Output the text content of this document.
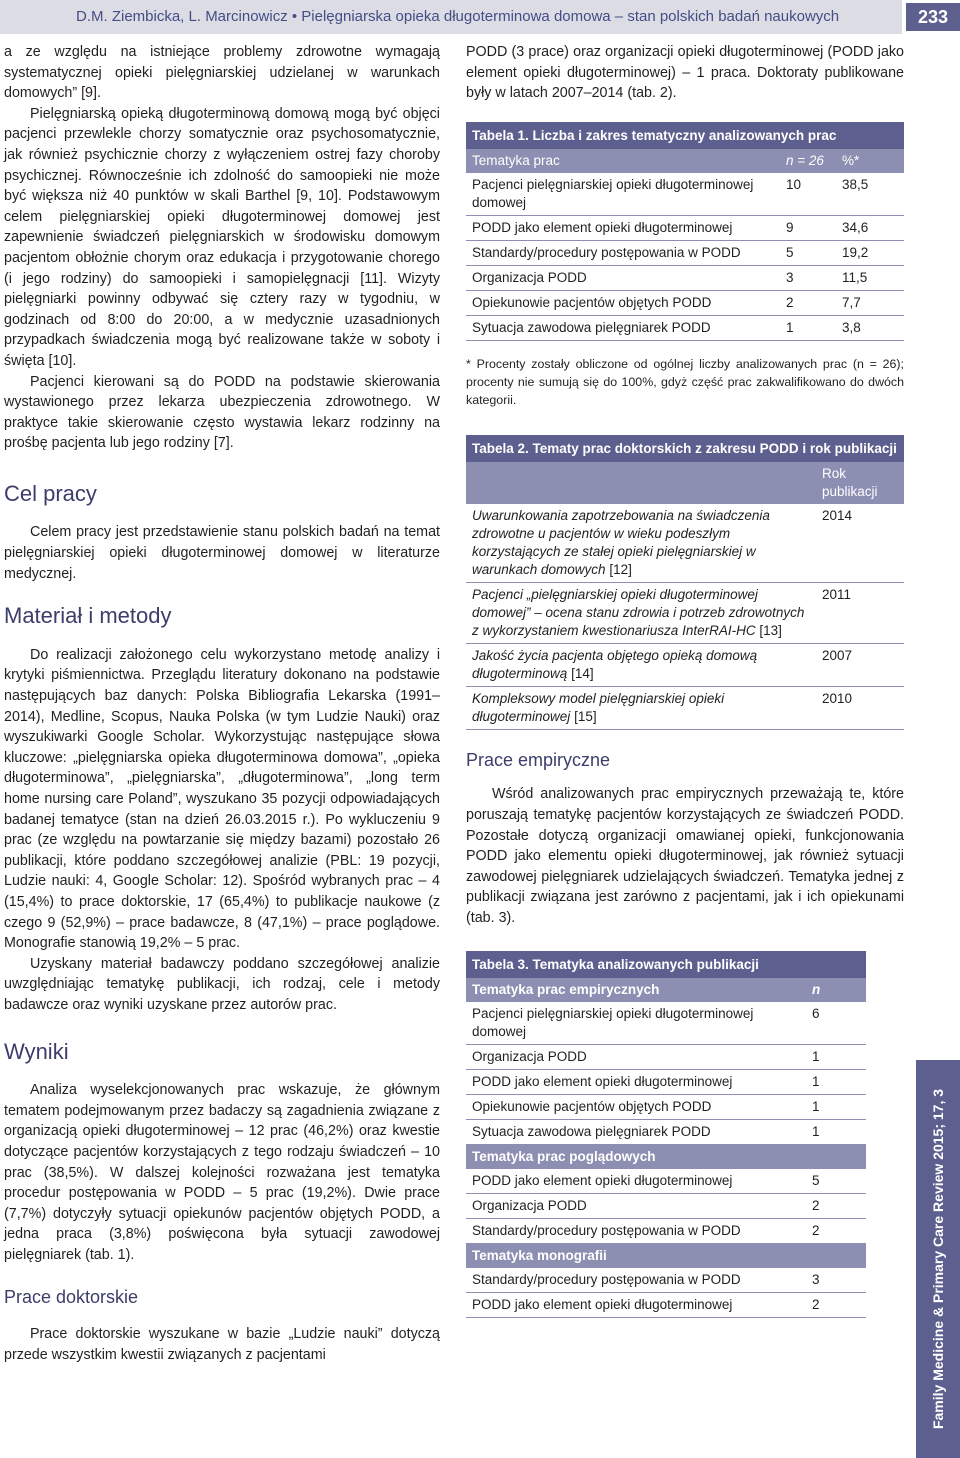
D.M. Ziembicka, L. Marcinowicz • Pielęgniarska opieka długoterminowa domowa – stan polskich badań naukowych	233

a ze względu na istniejące problemy zdrowotne wymagają systematycznej opieki pielęgniarskiej udzielanej w warunkach domowych” [9].

Pielęgniarską opieką długoterminową domową mogą być objęci pacjenci przewlekle chorzy somatycznie oraz psychosomatycznie, jak również psychicznie chorzy z wyłączeniem ostrej fazy choroby psychicznej. Równocześnie ich zdolność do samoopieki nie może być większa niż 40 punktów w skali Barthel [9, 10]. Podstawowym celem pielęgniarskiej opieki długoterminowej domowej jest zapewnienie świadczeń pielęgniarskich w środowisku domowym pacjentom obłożnie chorym oraz edukacja i przygotowanie chorego (i jego rodziny) do samoopieki i samopielęgnacji [11]. Wizyty pielęgniarki powinny odbywać się cztery razy w tygodniu, w godzinach od 8:00 do 20:00, a w medycznie uzasadnionych przypadkach świadczenia mogą być realizowane także w soboty i święta [10].

Pacjenci kierowani są do PODD na podstawie skierowania wystawionego przez lekarza ubezpieczenia zdrowotnego. W praktyce takie skierowanie często wystawia lekarz rodzinny na prośbę pacjenta lub jego rodziny [7].

Cel pracy

Celem pracy jest przedstawienie stanu polskich badań na temat pielęgniarskiej opieki długoterminowej domowej w literaturze medycznej.

Materiał i metody

Do realizacji założonego celu wykorzystano metodę analizy i krytyki piśmiennictwa. Przeglądu literatury dokonano na podstawie następujących baz danych: Polska Bibliografia Lekarska (1991–2014), Medline, Scopus, Nauka Polska (w tym Ludzie Nauki) oraz wyszukiwarki Google Scholar. Wykorzystując następujące słowa kluczowe: „pielęgniarska opieka długoterminowa domowa”, „opieka długoterminowa”, „pielęgniarska”, „długoterminowa”, „long term home nursing care Poland”, wyszukano 35 pozycji odpowiadających badanej tematyce (stan na dzień 26.03.2015 r.). Po wykluczeniu 9 prac (ze względu na powtarzanie się między bazami) pozostało 26 publikacji, które poddano szczegółowej analizie (PBL: 19 pozycji, Ludzie nauki: 4, Google Scholar: 12). Spośród wybranych prac – 4 (15,4%) to prace doktorskie, 17 (65,4%) to publikacje naukowe (z czego 9 (52,9%) – prace badawcze, 8 (47,1%) – prace poglądowe. Monografie stanowią 19,2% – 5 prac.

Uzyskany materiał badawczy poddano szczegółowej analizie uwzględniając tematykę publikacji, ich rodzaj, cele i metody badawcze oraz wyniki uzyskane przez autorów prac.

Wyniki

Analiza wyselekcjonowanych prac wskazuje, że głównym tematem podejmowanym przez badaczy są zagadnienia związane z organizacją opieki długoterminowej – 12 prac (46,2%) oraz kwestie dotyczące pacjentów korzystających z tego rodzaju świadczeń – 10 prac (38,5%). W dalszej kolejności rozważana jest tematyka procedur postępowania w PODD – 5 prac (19,2%). Dwie prace (7,7%) dotyczyły sytuacji opiekunów pacjentów objętych PODD, a jedna praca (3,8%) poświęcona była sytuacji zawodowej pielęgniarek (tab. 1).

Prace doktorskie

Prace doktorskie wyszukane w bazie „Ludzie nauki” dotyczą przede wszystkim kwestii związanych z pacjentami

PODD (3 prace) oraz organizacji opieki długoterminowej (PODD jako element opieki długoterminowej) – 1 praca. Doktoraty publikowane były w latach 2007–2014 (tab. 2).

Tabela 1. Liczba i zakres tematyczny analizowanych prac
Tematyka prac	n = 26	%*
Pacjenci pielęgniarskiej opieki długoterminowej domowej	10	38,5
PODD jako element opieki długoterminowej	9	34,6
Standardy/procedury postępowania w PODD	5	19,2
Organizacja PODD	3	11,5
Opiekunowie pacjentów objętych PODD	2	7,7
Sytuacja zawodowa pielęgniarek PODD	1	3,8

* Procenty zostały obliczone od ogólnej liczby analizowanych prac (n = 26); procenty nie sumują się do 100%, gdyż część prac zakwalifikowano do dwóch kategorii.

Tabela 2. Tematy prac doktorskich z zakresu PODD i rok publikacji
	Rok publikacji
Uwarunkowania zapotrzebowania na świadczenia zdrowotne u pacjentów w wieku podeszłym korzystających ze stałej opieki pielęgniarskiej w warunkach domowych [12]	2014
Pacjenci „pielęgniarskiej opieki długoterminowej domowej” – ocena stanu zdrowia i potrzeb zdrowotnych z wykorzystaniem kwestionariusza InterRAI-HC [13]	2011
Jakość życia pacjenta objętego opieką domową długoterminową [14]	2007
Kompleksowy model pielęgniarskiej opieki długoterminowej [15]	2010
Prace empiryczne

Wśród analizowanych prac empirycznych przeważają te, które poruszają tematykę pacjentów korzystających ze świadczeń PODD. Pozostałe dotyczą organizacji omawianej opieki, funkcjonowania PODD jako elementu opieki długoterminowej, jak również sytuacji zawodowej pielęgniarek udzielających świadczeń. Tematyka jednej z publikacji związana jest zarówno z pacjentami, jak i ich opiekunami (tab. 3).

Tabela 3. Tematyka analizowanych publikacji
Tematyka prac empirycznych	n
Pacjenci pielęgniarskiej opieki długoterminowej domowej	6
Organizacja PODD	1
PODD jako element opieki długoterminowej	1
Opiekunowie pacjentów objętych PODD	1
Sytuacja zawodowa pielęgniarek PODD	1
Tematyka prac poglądowych	
PODD jako element opieki długoterminowej	5
Organizacja PODD	2
Standardy/procedury postępowania w PODD	2
Tematyka monografii	
Standardy/procedury postępowania w PODD	3
PODD jako element opieki długoterminowej	2	Family Medicine & Primary Care Review 2015; 17, 3
